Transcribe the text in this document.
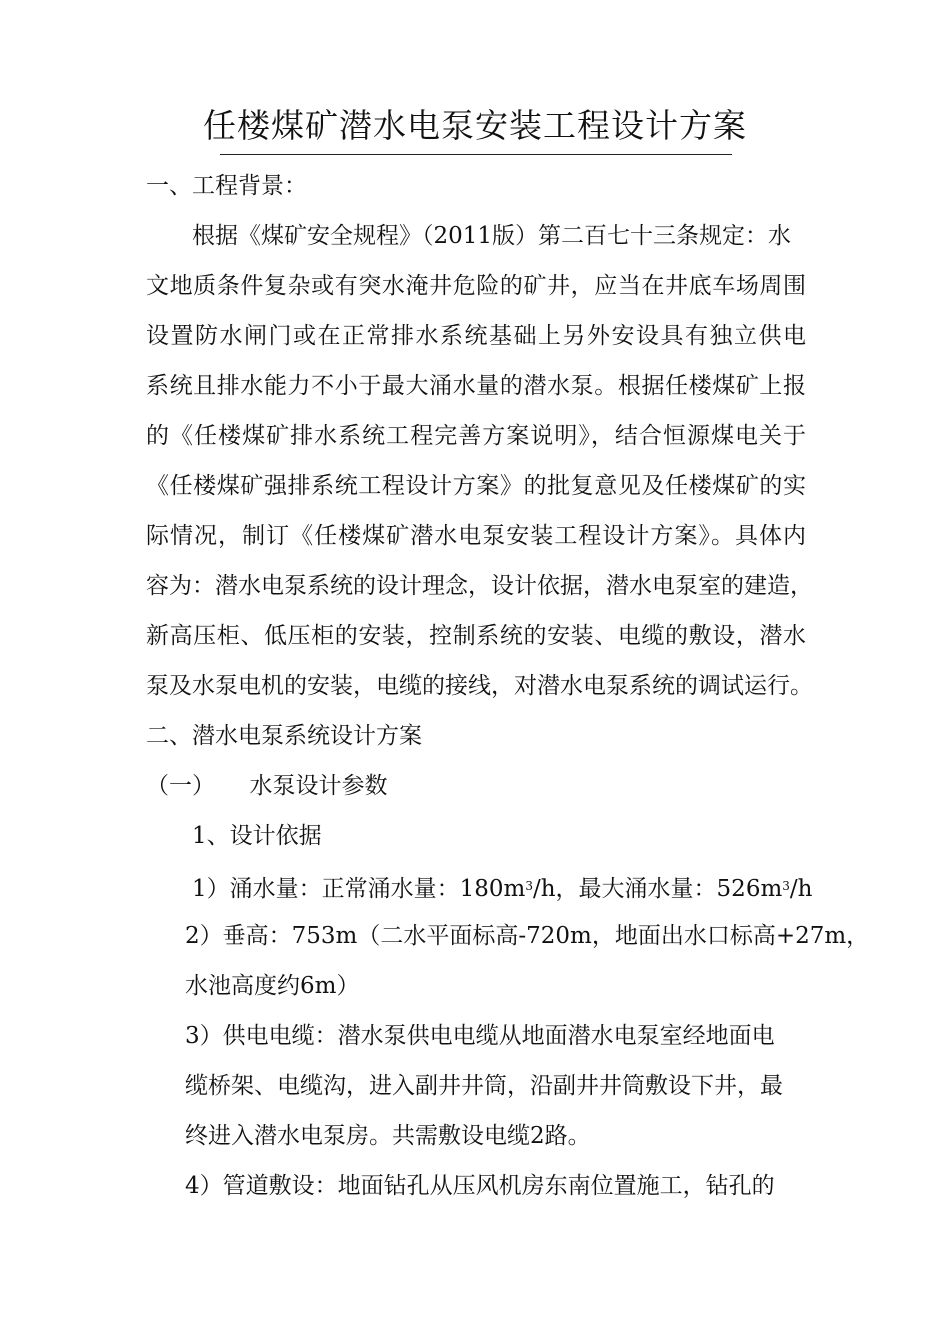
任楼煤矿潜水电泵安装工程设计方案

一、工程背景：

根据《煤矿安全规程》（2011版）第二百七十三条规定：水

文地质条件复杂或有突水淹井危险的矿井，应当在井底车场周围

设置防水闸门或在正常排水系统基础上另外安设具有独立供电

系统且排水能力不小于最大涌水量的潜水泵。根据任楼煤矿上报

的《任楼煤矿排水系统工程完善方案说明》，结合恒源煤电关于

《任楼煤矿强排系统工程设计方案》的批复意见及任楼煤矿的实

际情况，制订《任楼煤矿潜水电泵安装工程设计方案》。具体内

容为：潜水电泵系统的设计理念，设计依据，潜水电泵室的建造，

新高压柜、低压柜的安装，控制系统的安装、电缆的敷设，潜水

泵及水泵电机的安装，电缆的接线，对潜水电泵系统的调试运行。

二、潜水电泵系统设计方案

（一）　　水泵设计参数

1、设计依据

1）涌水量：正常涌水量：$180m^3/h$，最大涌水量：$526m^3/h$

2）垂高：753m（二水平面标高-720m，地面出水口标高+27m，

水池高度约6m）

3）供电电缆：潜水泵供电电缆从地面潜水电泵室经地面电

缆桥架、电缆沟，进入副井井筒，沿副井井筒敷设下井，最

终进入潜水电泵房。共需敷设电缆2路。

4）管道敷设：地面钻孔从压风机房东南位置施工，钻孔的
